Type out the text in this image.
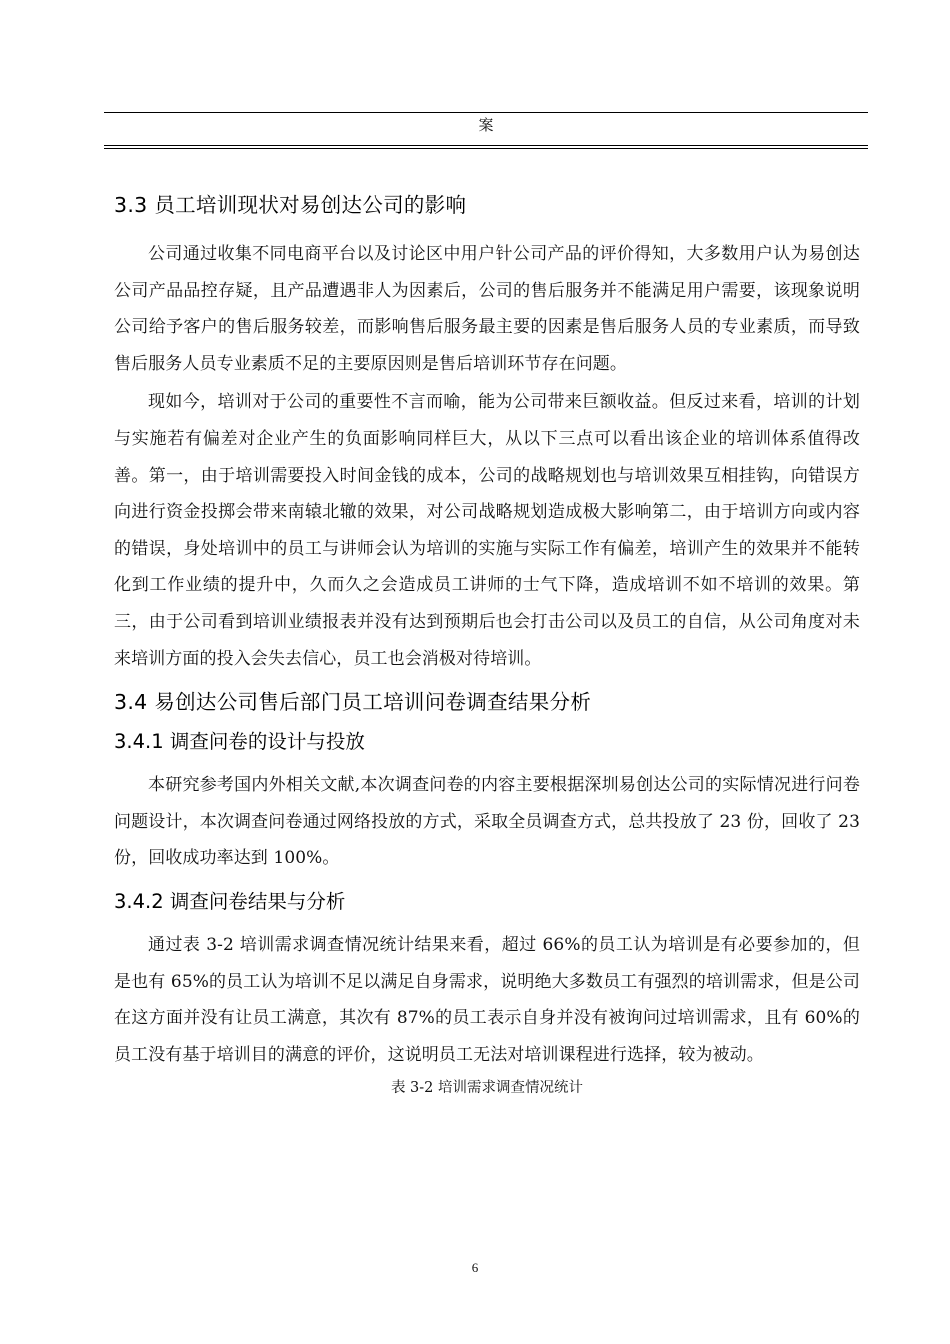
案
3.3 员工培训现状对易创达公司的影响

公司通过收集不同电商平台以及讨论区中用户针公司产品的评价得知，大多数用户认为易创达公司产品品控存疑，且产品遭遇非人为因素后，公司的售后服务并不能满足用户需要，该现象说明公司给予客户的售后服务较差，而影响售后服务最主要的因素是售后服务人员的专业素质，而导致售后服务人员专业素质不足的主要原因则是售后培训环节存在问题。

现如今，培训对于公司的重要性不言而喻，能为公司带来巨额收益。但反过来看，培训的计划与实施若有偏差对企业产生的负面影响同样巨大，从以下三点可以看出该企业的培训体系值得改善。第一，由于培训需要投入时间金钱的成本，公司的战略规划也与培训效果互相挂钩，向错误方向进行资金投掷会带来南辕北辙的效果，对公司战略规划造成极大影响第二，由于培训方向或内容的错误，身处培训中的员工与讲师会认为培训的实施与实际工作有偏差，培训产生的效果并不能转化到工作业绩的提升中，久而久之会造成员工讲师的士气下降，造成培训不如不培训的效果。第三，由于公司看到培训业绩报表并没有达到预期后也会打击公司以及员工的自信，从公司角度对未来培训方面的投入会失去信心，员工也会消极对待培训。

3.4 易创达公司售后部门员工培训问卷调查结果分析
3.4.1 调查问卷的设计与投放

本研究参考国内外相关文献,本次调查问卷的内容主要根据深圳易创达公司的实际情况进行问卷问题设计，本次调查问卷通过网络投放的方式，采取全员调查方式，总共投放了 23 份，回收了 23 份，回收成功率达到 100%。

3.4.2 调查问卷结果与分析

通过表 3-2 培训需求调查情况统计结果来看，超过 66%的员工认为培训是有必要参加的，但是也有 65%的员工认为培训不足以满足自身需求，说明绝大多数员工有强烈的培训需求，但是公司在这方面并没有让员工满意，其次有 87%的员工表示自身并没有被询问过培训需求，且有 60%的员工没有基于培训目的满意的评价，这说明员工无法对培训课程进行选择，较为被动。

表 3-2 培训需求调查情况统计
6
